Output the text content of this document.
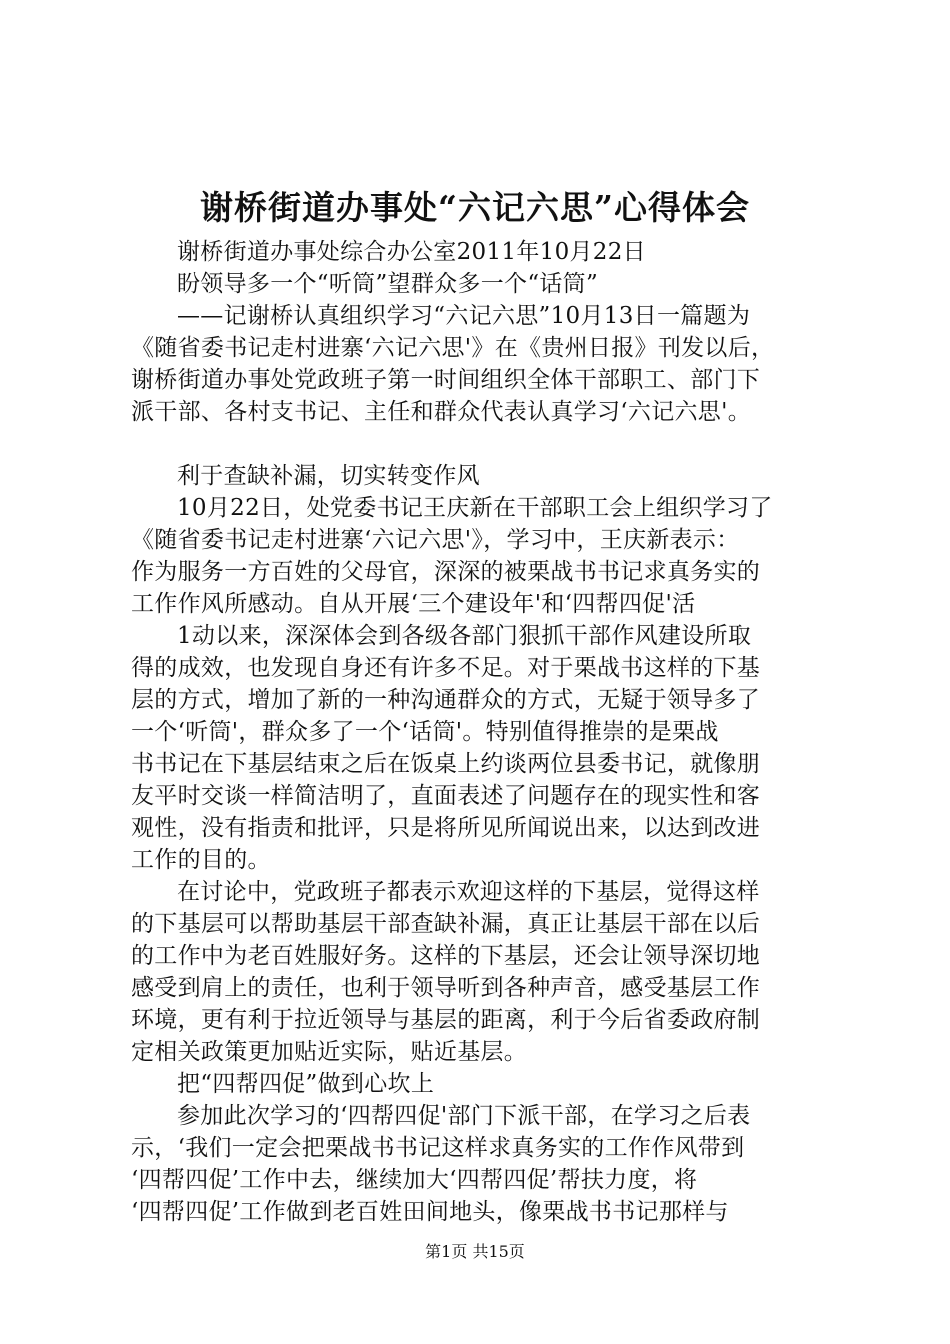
谢桥街道办事处“六记六思”心得体会

谢桥街道办事处综合办公室2011年10月22日

盼领导多一个“听筒”望群众多一个“话筒”

——记谢桥认真组织学习“六记六思”10月13日一篇题为

《随省委书记走村进寨‘六记六思'》在《贵州日报》刊发以后，

谢桥街道办事处党政班子第一时间组织全体干部职工、部门下

派干部、各村支书记、主任和群众代表认真学习‘六记六思'。

利于查缺补漏，切实转变作风

10月22日，处党委书记王庆新在干部职工会上组织学习了

《随省委书记走村进寨‘六记六思'》，学习中，王庆新表示：

作为服务一方百姓的父母官，深深的被栗战书书记求真务实的

工作作风所感动。自从开展‘三个建设年'和‘四帮四促'活

1动以来，深深体会到各级各部门狠抓干部作风建设所取

得的成效，也发现自身还有许多不足。对于栗战书这样的下基

层的方式，增加了新的一种沟通群众的方式，无疑于领导多了

一个‘听筒'，群众多了一个‘话筒'。特别值得推崇的是栗战

书书记在下基层结束之后在饭桌上约谈两位县委书记，就像朋

友平时交谈一样简洁明了，直面表述了问题存在的现实性和客

观性，没有指责和批评，只是将所见所闻说出来，以达到改进

工作的目的。

在讨论中，党政班子都表示欢迎这样的下基层，觉得这样

的下基层可以帮助基层干部查缺补漏，真正让基层干部在以后

的工作中为老百姓服好务。这样的下基层，还会让领导深切地

感受到肩上的责任，也利于领导听到各种声音，感受基层工作

环境，更有利于拉近领导与基层的距离，利于今后省委政府制

定相关政策更加贴近实际，贴近基层。

把“四帮四促”做到心坎上

参加此次学习的‘四帮四促'部门下派干部，在学习之后表

示，‘我们一定会把栗战书书记这样求真务实的工作作风带到

‘四帮四促’工作中去，继续加大‘四帮四促’帮扶力度，将

‘四帮四促’工作做到老百姓田间地头，像栗战书书记那样与

第1页 共15页
